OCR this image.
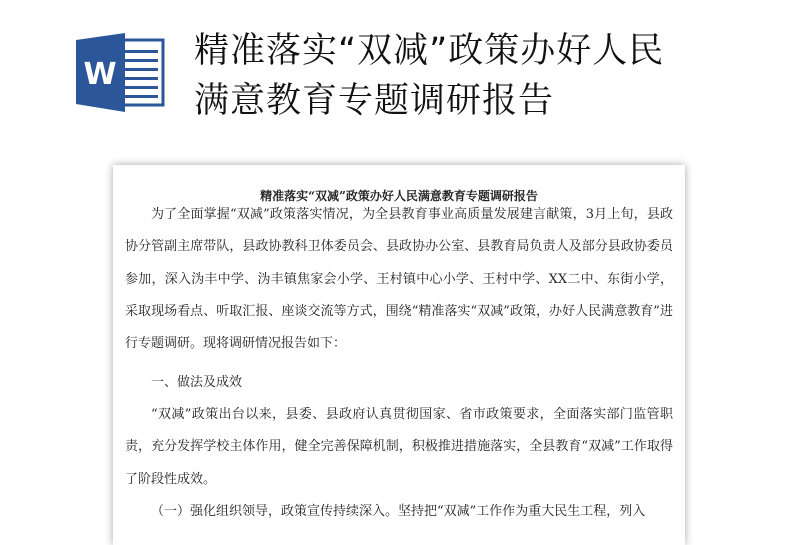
W
精准落实“双减”政策办好人民
满意教育专题调研报告
精准落实“双减”政策办好人民满意教育专题调研报告
为了全面掌握“双减”政策落实情况，为全县教育事业高质量发展建言献策，3月上旬，县政协分管副主席带队，县政协教科卫体委员会、县政协办公室、县教育局负责人及部分县政协委员参加，深入沩丰中学、沩丰镇焦家会小学、王村镇中心小学、王村中学、XX二中、东街小学，采取现场看点、听取汇报、座谈交流等方式，围绕“精准落实“双减”政策，办好人民满意教育”进行专题调研。现将调研情况报告如下：
一、做法及成效
“双减”政策出台以来，县委、县政府认真贯彻国家、省市政策要求，全面落实部门监管职责，充分发挥学校主体作用，健全完善保障机制，积极推进措施落实，全县教育“双减”工作取得了阶段性成效。
（一）强化组织领导，政策宣传持续深入。坚持把“双减”工作作为重大民生工程，列入
